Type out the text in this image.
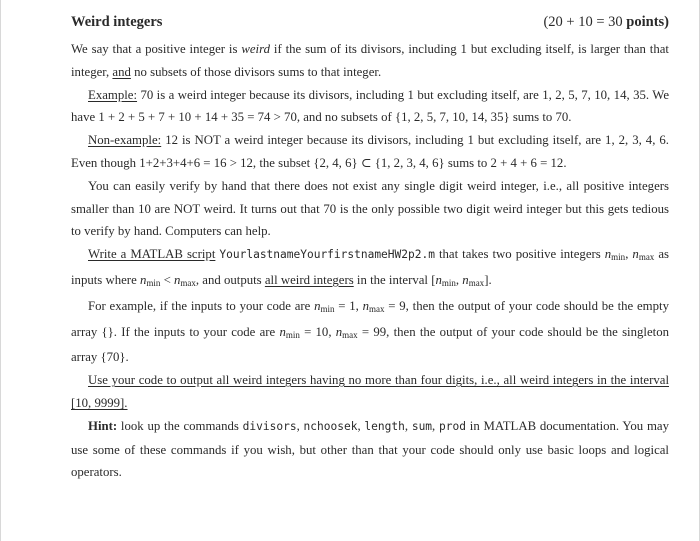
Weird integers	(20 + 10 = 30 points)

We say that a positive integer is weird if the sum of its divisors, including 1 but excluding itself, is larger than that integer, and no subsets of those divisors sums to that integer.

Example: 70 is a weird integer because its divisors, including 1 but excluding itself, are 1, 2, 5, 7, 10, 14, 35. We have 1 + 2 + 5 + 7 + 10 + 14 + 35 = 74 > 70, and no subsets of {1, 2, 5, 7, 10, 14, 35} sums to 70.

Non-example: 12 is NOT a weird integer because its divisors, including 1 but excluding itself, are 1, 2, 3, 4, 6. Even though 1+2+3+4+6 = 16 > 12, the subset {2, 4, 6} ⊂ {1, 2, 3, 4, 6} sums to 2 + 4 + 6 = 12.

You can easily verify by hand that there does not exist any single digit weird integer, i.e., all positive integers smaller than 10 are NOT weird. It turns out that 70 is the only possible two digit weird integer but this gets tedious to verify by hand. Computers can help.

Write a MATLAB script YourlastnameYourfirstnameHW2p2.m that takes two positive integers $n_{min}$, $n_{max}$ as inputs where $n_{min} < n_{max}$, and outputs all weird integers in the interval [$n_{min}$, $n_{max}$].

For example, if the inputs to your code are $n_{min} = 1$, $n_{max} = 9$, then the output of your code should be the empty array {}. If the inputs to your code are $n_{min} = 10$, $n_{max} = 99$, then the output of your code should be the singleton array {70}.

Use your code to output all weird integers having no more than four digits, i.e., all weird integers in the interval [10, 9999].

Hint: look up the commands divisors, nchoosek, length, sum, prod in MATLAB documentation. You may use some of these commands if you wish, but other than that your code should only use basic loops and logical operators.
